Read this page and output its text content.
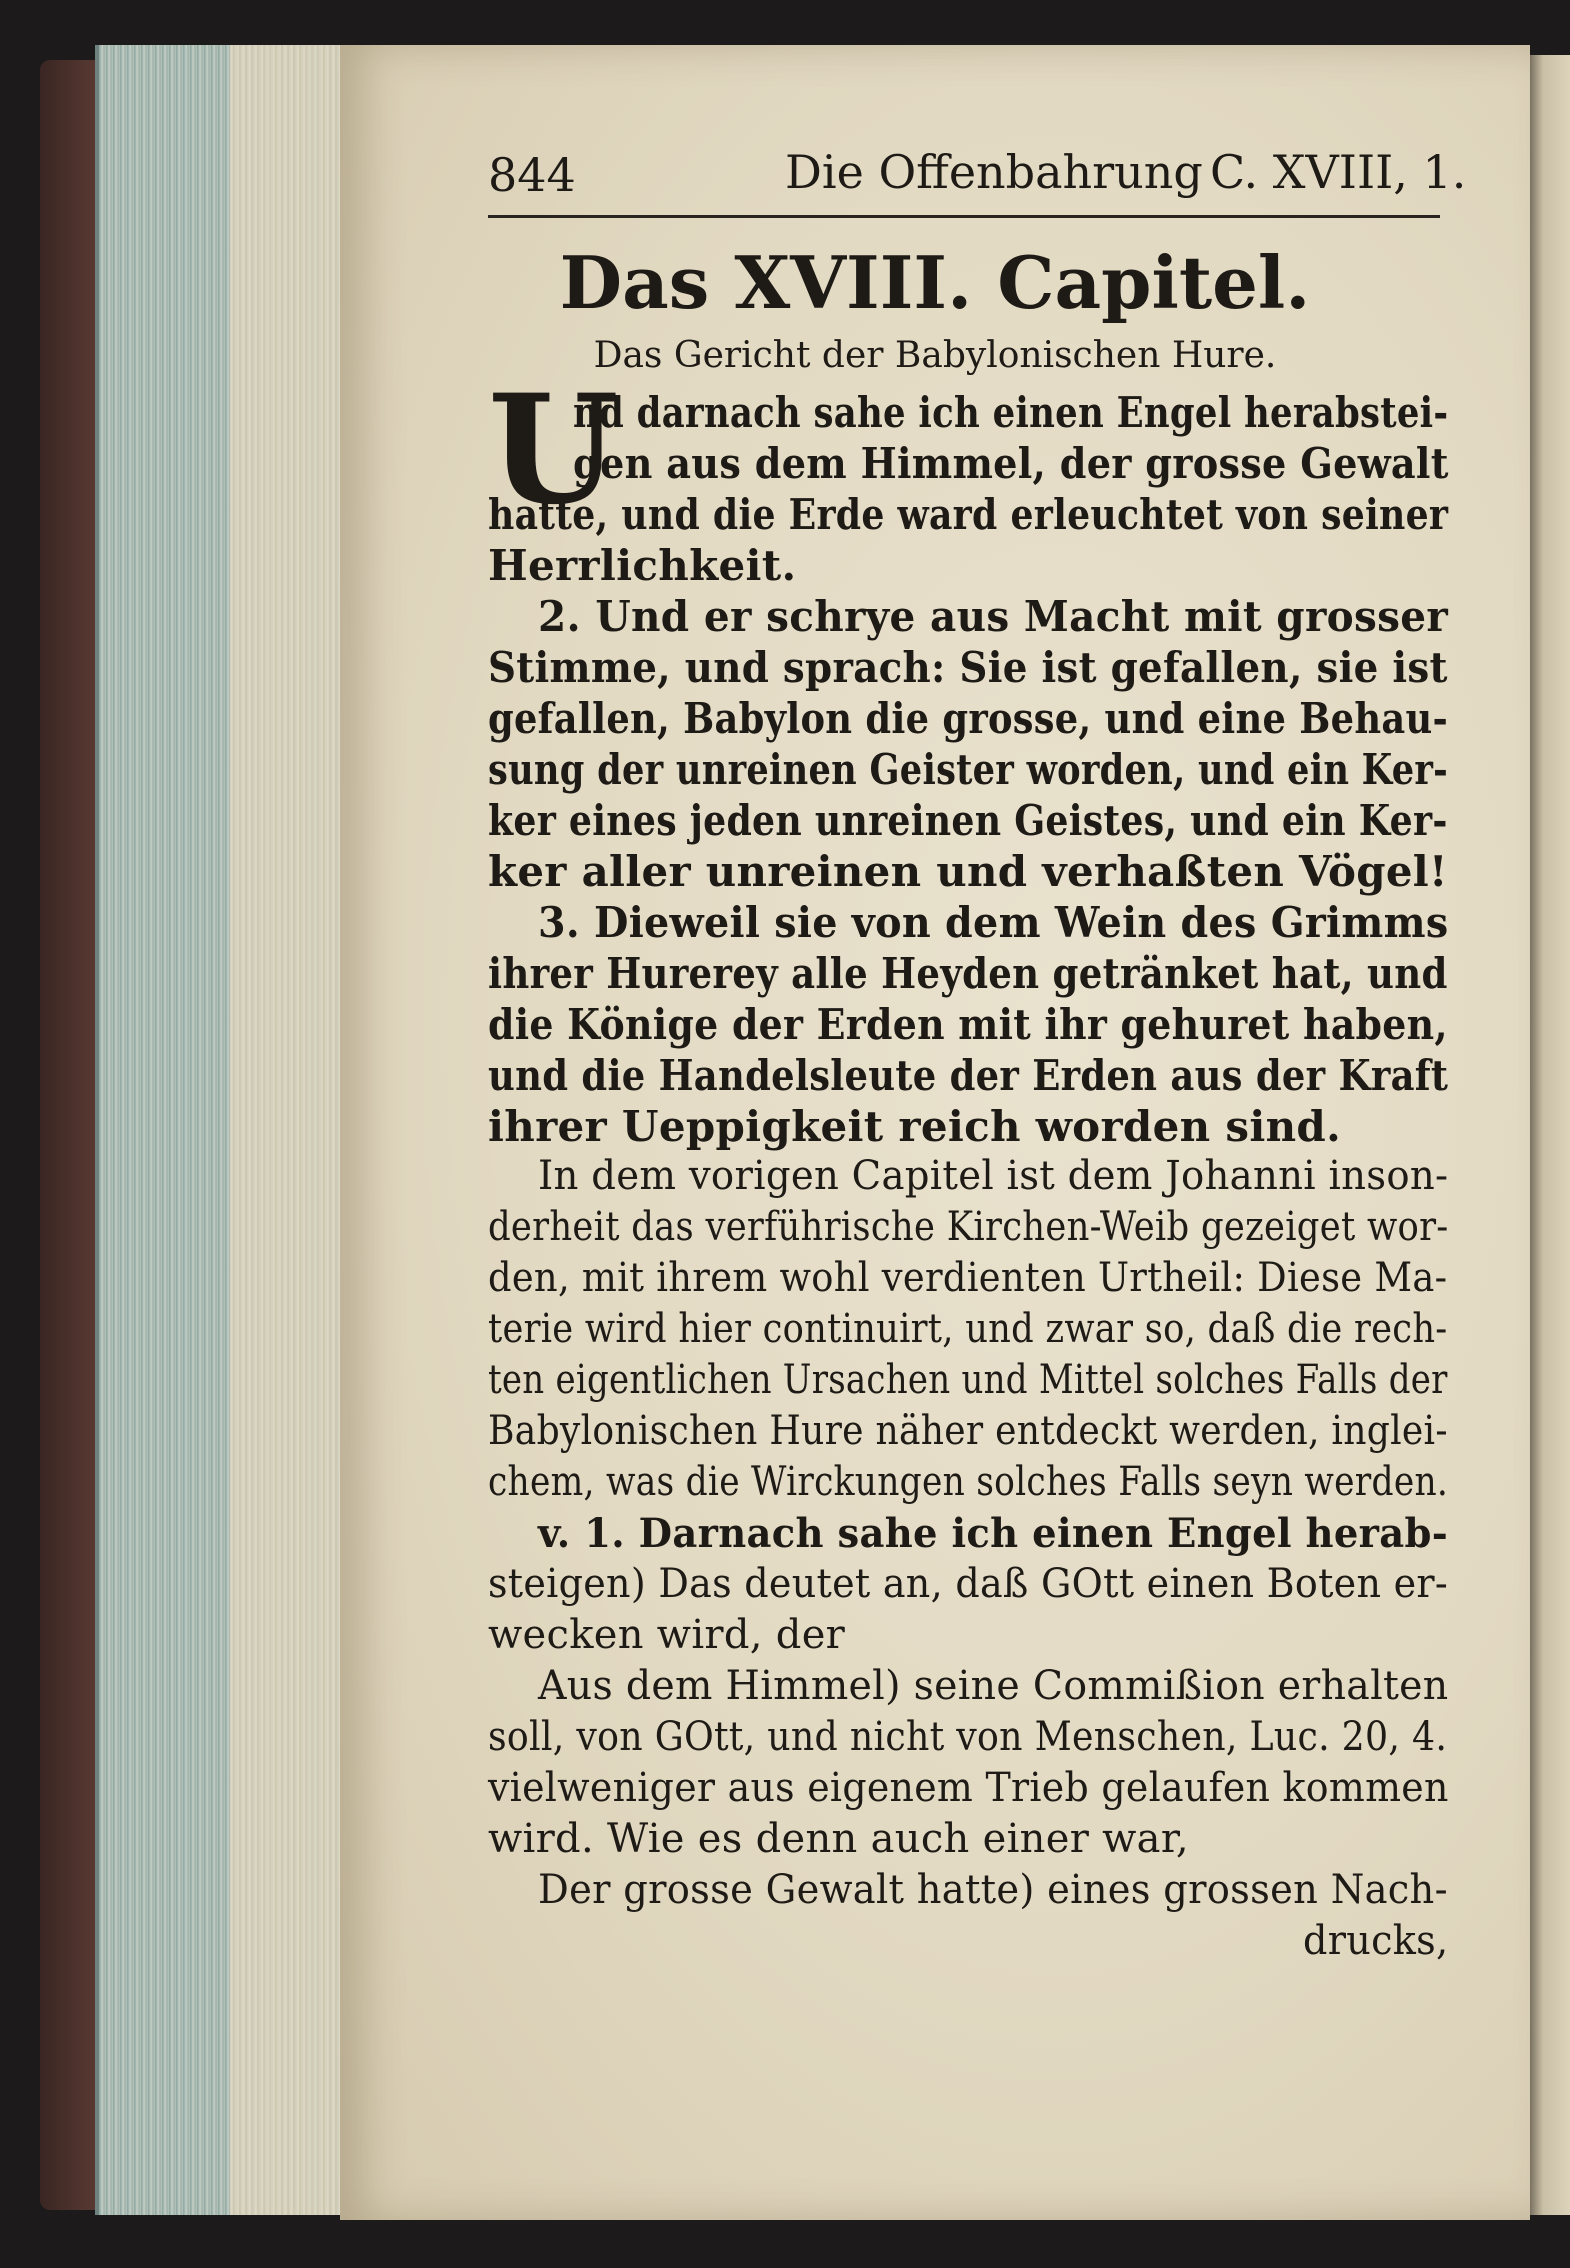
844	Die Offenbahrung C. XVIII, 1.
Das XVIII. Capitel.
Das Gericht der Babylonischen Hure.
U
nd darnach sahe ich einen Engel herabstei-
gen aus dem Himmel, der grosse Gewalt
hatte, und die Erde ward erleuchtet von seiner
Herrlichkeit.
2. Und er schrye aus Macht mit grosser
Stimme, und sprach: Sie ist gefallen, sie ist
gefallen, Babylon die grosse, und eine Behau-
sung der unreinen Geister worden, und ein Ker-
ker eines jeden unreinen Geistes, und ein Ker-
ker aller unreinen und verhaßten Vögel!
3. Dieweil sie von dem Wein des Grimms
ihrer Hurerey alle Heyden getränket hat, und
die Könige der Erden mit ihr gehuret haben,
und die Handelsleute der Erden aus der Kraft
ihrer Ueppigkeit reich worden sind.
In dem vorigen Capitel ist dem Johanni inson-
derheit das verführische Kirchen-Weib gezeiget wor-
den, mit ihrem wohl verdienten Urtheil: Diese Ma-
terie wird hier continuirt, und zwar so, daß die rech-
ten eigentlichen Ursachen und Mittel solches Falls der
Babylonischen Hure näher entdeckt werden, inglei-
chem, was die Wirckungen solches Falls seyn werden.
v. 1. Darnach sahe ich einen Engel herab-
steigen) Das deutet an, daß GOtt einen Boten er-
wecken wird, der
Aus dem Himmel) seine Commißion erhalten
soll, von GOtt, und nicht von Menschen, Luc. 20, 4.
vielweniger aus eigenem Trieb gelaufen kommen
wird. Wie es denn auch einer war,
Der grosse Gewalt hatte) eines grossen Nach-
drucks,
